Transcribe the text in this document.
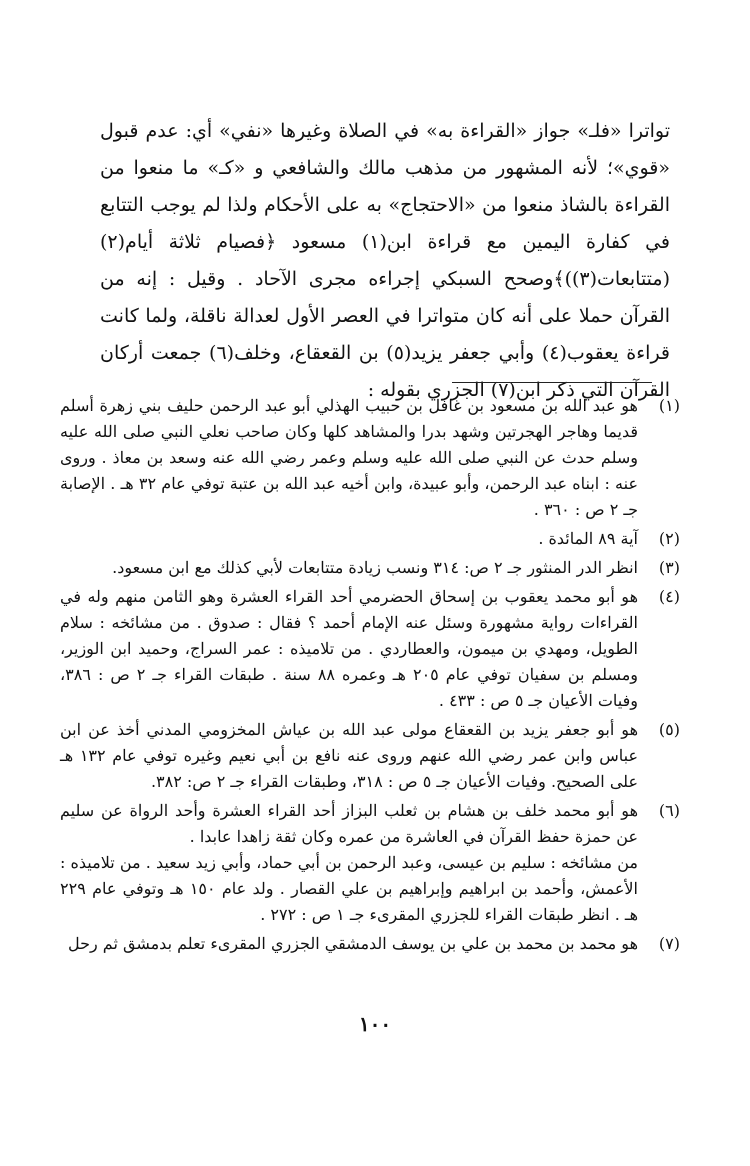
تواترا «فلـ» جواز «القراءة به» في الصلاة وغيرها «نفي» أي: عدم قبول «قوي»؛ لأنه المشهور من مذهب مالك والشافعي و «كـ» ما منعوا من القراءة بالشاذ منعوا من «الاحتجاج» به على الأحكام ولذا لم يوجب التتابع في كفارة اليمين مع قراءة ابن(١) مسعود ﴿فصيام ثلاثة أيام(٢) (متتابعات(٣))﴾وصحح السبكي إجراءه مجرى الآحاد . وقيل : إنه من القرآن حملا على أنه كان متواترا في العصر الأول لعدالة ناقلة، ولما كانت قراءة يعقوب(٤) وأبي جعفر يزيد(٥) بن القعقاع، وخلف(٦) جمعت أركان القرآن التي ذكر ابن(٧) الجزري بقوله :

(١)

هو عبد الله بن مسعود بن غافل بن حبيب الهذلي أبو عبد الرحمن حليف بني زهرة أسلم قديما وهاجر الهجرتين وشهد بدرا والمشاهد كلها وكان صاحب نعلي النبي صلى الله عليه وسلم حدث عن النبي صلى الله عليه وسلم وعمر رضي الله عنه وسعد بن معاذ . وروى عنه : ابناه عبد الرحمن، وأبو عبيدة، وابن أخيه عبد الله بن عتبة توفي عام ٣٢ هـ . الإصابة جـ ٢ ص : ٣٦٠ .

(٢)

آية ٨٩ المائدة .

(٣)

انظر الدر المنثور جـ ٢ ص: ٣١٤ ونسب زيادة متتابعات لأبي كذلك مع ابن مسعود.

(٤)

هو أبو محمد يعقوب بن إسحاق الحضرمي أحد القراء العشرة وهو الثامن منهم وله في القراءات رواية مشهورة وسئل عنه الإمام أحمد ؟ فقال : صدوق . من مشائخه : سلام الطويل، ومهدي بن ميمون، والعطاردي . من تلاميذه : عمر السراج، وحميد ابن الوزير، ومسلم بن سفيان توفي عام ٢٠٥ هـ وعمره ٨٨ سنة . طبقات القراء جـ ٢ ص : ٣٨٦، وفيات الأعيان جـ ٥ ص : ٤٣٣ .

(٥)

هو أبو جعفر يزيد بن القعقاع مولى عبد الله بن عياش المخزومي المدني أخذ عن ابن عباس وابن عمر رضي الله عنهم وروى عنه نافع بن أبي نعيم وغيره توفي عام ١٣٢ هـ على الصحيح. وفيات الأعيان جـ ٥ ص : ٣١٨، وطبقات القراء جـ ٢ ص: ٣٨٢.

(٦)

هو أبو محمد خلف بن هشام بن ثعلب البزاز أحد القراء العشرة وأحد الرواة عن سليم عن حمزة حفظ القرآن في العاشرة من عمره وكان ثقة زاهدا عابدا .

من مشائخه : سليم بن عيسى، وعبد الرحمن بن أبي حماد، وأبي زيد سعيد . من تلاميذه : الأعمش، وأحمد بن ابراهيم وإبراهيم بن علي القصار . ولد عام ١٥٠ هـ وتوفي عام ٢٢٩ هـ . انظر طبقات القراء للجزري المقرىء جـ ١ ص : ٢٧٢ .

(٧)

هو محمد بن محمد بن علي بن يوسف الدمشقي الجزري المقرىء تعلم بدمشق ثم رحل

١٠٠
